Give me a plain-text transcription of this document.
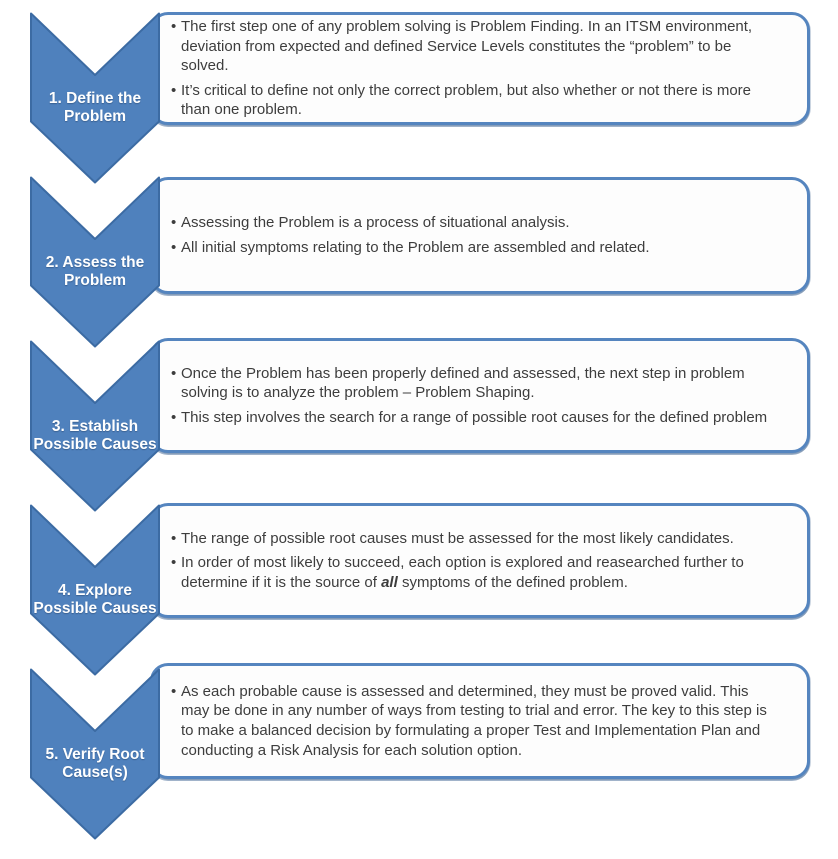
• The first step one of any problem solving is Problem Finding. In an ITSM environment, deviation from expected and defined Service Levels constitutes the “problem” to be solved.

• It’s critical to define not only the correct problem, but also whether or not there is more than one problem.

1. Define the Problem
• Assessing the Problem is a process of situational analysis.

• All initial symptoms relating to the Problem are assembled and related.

2. Assess the Problem
• Once the Problem has been properly defined and assessed, the next step in problem solving is to analyze the problem – Problem Shaping.

• This step involves the search for a range of possible root causes for the defined problem

3. Establish Possible Causes
• The range of possible root causes must be assessed for the most likely candidates.

• In order of most likely to succeed, each option is explored and reasearched further to determine if it is the source of all symptoms of the defined problem.

4. Explore Possible Causes
• As each probable cause is assessed and determined, they must be proved valid. This may be done in any number of ways from testing to trial and error. The key to this step is to make a balanced decision by formulating a proper Test and Implementation Plan and conducting a Risk Analysis for each solution option.

5. Verify Root Cause(s)
